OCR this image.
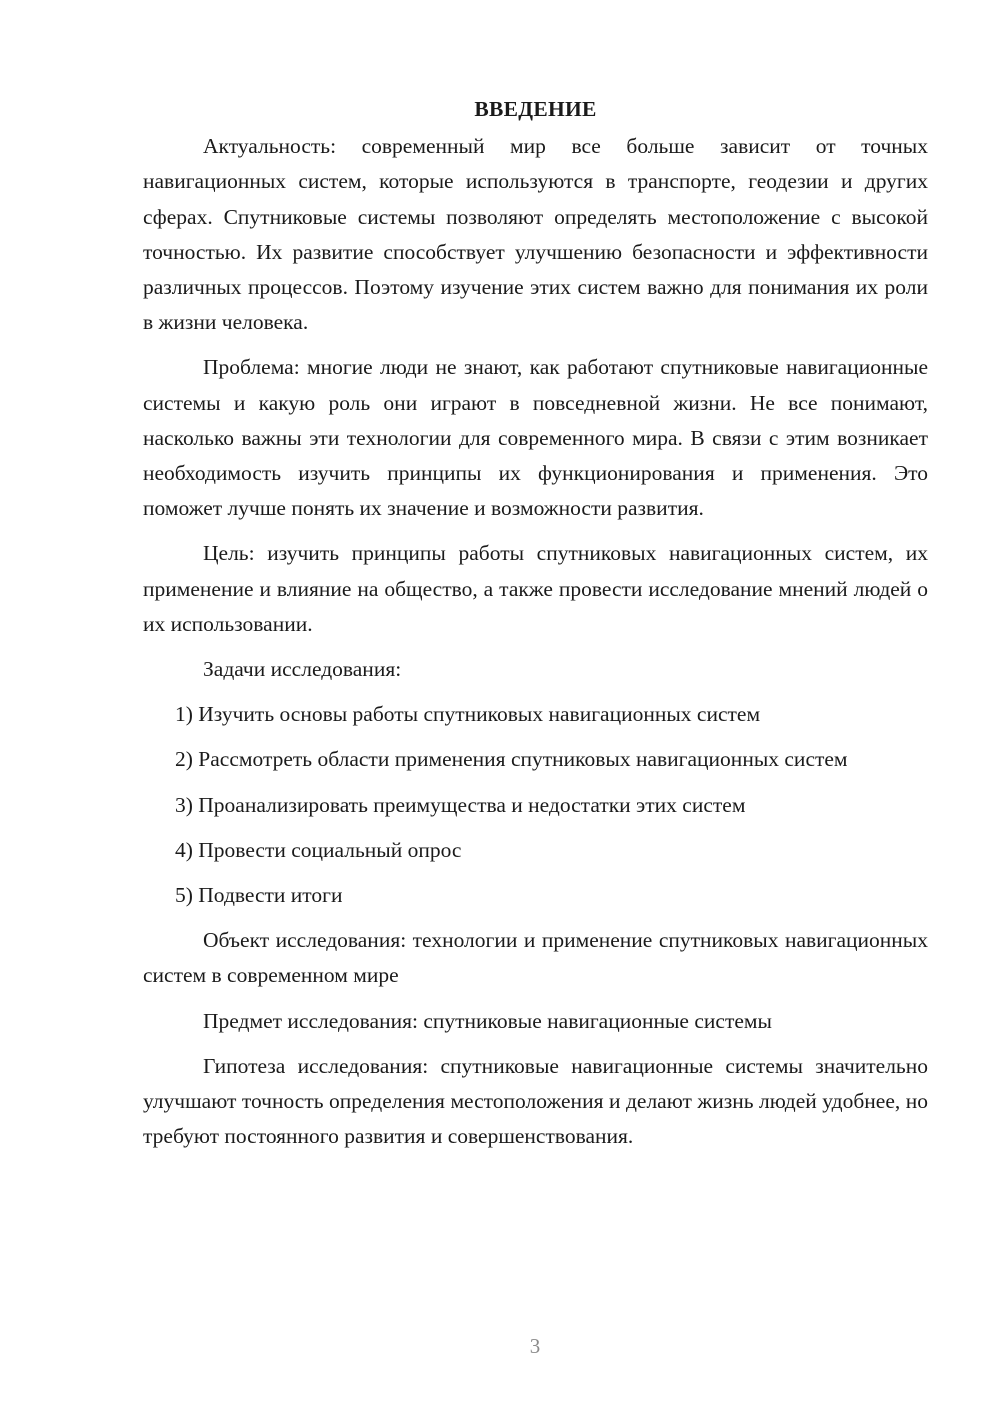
ВВЕДЕНИЕ

Актуальность: современный мир все больше зависит от точных навигационных систем, которые используются в транспорте, геодезии и других сферах. Спутниковые системы позволяют определять местоположение с высокой точностью. Их развитие способствует улучшению безопасности и эффективности различных процессов. Поэтому изучение этих систем важно для понимания их роли в жизни человека.

Проблема: многие люди не знают, как работают спутниковые навигационные системы и какую роль они играют в повседневной жизни. Не все понимают, насколько важны эти технологии для современного мира. В связи с этим возникает необходимость изучить принципы их функционирования и применения. Это поможет лучше понять их значение и возможности развития.

Цель: изучить принципы работы спутниковых навигационных систем, их применение и влияние на общество, а также провести исследование мнений людей о их использовании.

Задачи исследования:

1) Изучить основы работы спутниковых навигационных систем

2) Рассмотреть области применения спутниковых навигационных систем

3) Проанализировать преимущества и недостатки этих систем

4) Провести социальный опрос

5) Подвести итоги

Объект исследования: технологии и применение спутниковых навигационных систем в современном мире

Предмет исследования: спутниковые навигационные системы

Гипотеза исследования: спутниковые навигационные системы значительно улучшают точность определения местоположения и делают жизнь людей удобнее, но требуют постоянного развития и совершенствования.

3
